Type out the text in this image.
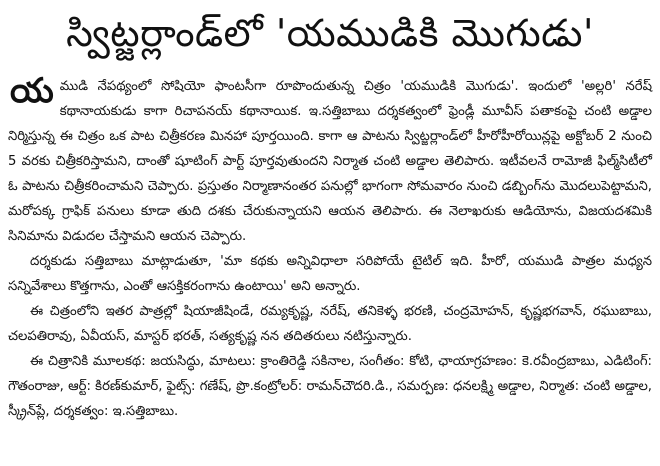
స్విట్జర్లాండ్‌లో 'యముడికి మొగుడు'

యముడి నేపథ్యంలో సోషియో ఫాంటసీగా రూపొందుతున్న చిత్రం 'యముడికి మొగుడు'. ఇందులో 'అల్లరి' నరేష్ కథానాయకుడు కాగా రిచాపనయ్ కథానాయిక. ఇ.సత్తిబాబు దర్శకత్వంలో ఫ్రెండ్లీ మూవీస్ పతాకంపై చంటి అడ్డాల నిర్మిస్తున్న ఈ చిత్రం ఒక పాట చిత్రీకరణ మినహా పూర్తయింది. కాగా ఆ పాటను స్విట్జర్లాండ్‌లో హీరోహీరోయిన్లపై అక్టోబర్ 2 నుంచి 5 వరకు చిత్రీకరిస్తామని, దాంతో షూటింగ్ పార్ట్ పూర్తవుతుందని నిర్మాత చంటి అడ్డాల తెలిపారు. ఇటీవలనే రామోజీ ఫిల్మ్‌సిటీలో ఓ పాటను చిత్రీకరించామని చెప్పారు. ప్రస్తుతం నిర్మాణానంతర పనుల్లో భాగంగా సోమవారం నుంచి డబ్బింగ్‌ను మొదలుపెట్టామని, మరోపక్క గ్రాఫిక్ పనులు కూడా తుది దశకు చేరుకున్నాయని ఆయన తెలిపారు. ఈ నెలాఖరుకు ఆడియోను, విజయదశమికి సినిమాను విడుదల చేస్తామని ఆయన చెప్పారు.

దర్శకుడు సత్తిబాబు మాట్లాడుతూ, 'మా కథకు అన్నివిధాలా సరిపోయే టైటిల్ ఇది. హీరో, యముడి పాత్రల మధ్యన సన్నివేశాలు కొత్తగాను, ఎంతో ఆసక్తికరంగాను ఉంటాయి' అని అన్నారు.

ఈ చిత్రంలోని ఇతర పాత్రల్లో షియాజీషిండే, రమ్యకృష్ణ, నరేష్, తనికెళ్ళ భరణి, చంద్రమోహన్, కృష్ణభగవాన్, రఘుబాబు, చలపతిరావు, ఏవీయస్, మాస్టర్ భరత్, సత్యకృష్ణ నన తదితరులు నటిస్తున్నారు.

ఈ చిత్రానికి మూలకథ: జయసిద్ధు, మాటలు: క్రాంతిరెడ్డి సకినాల, సంగీతం: కోటి, ఛాయాగ్రహణం: కె.రవీంద్రబాబు, ఎడిటింగ్: గౌతంరాజు, ఆర్ట్: కిరణ్‌కుమార్, ఫైట్స్: గణేష్, ప్రొ.కంట్రోలర్: రామన్‌చౌదరి.డి., సమర్పణ: ధనలక్ష్మి అడ్డాల, నిర్మాత: చంటి అడ్డాల, స్క్రీన్‌ప్లే, దర్శకత్వం: ఇ.సత్తిబాబు.
